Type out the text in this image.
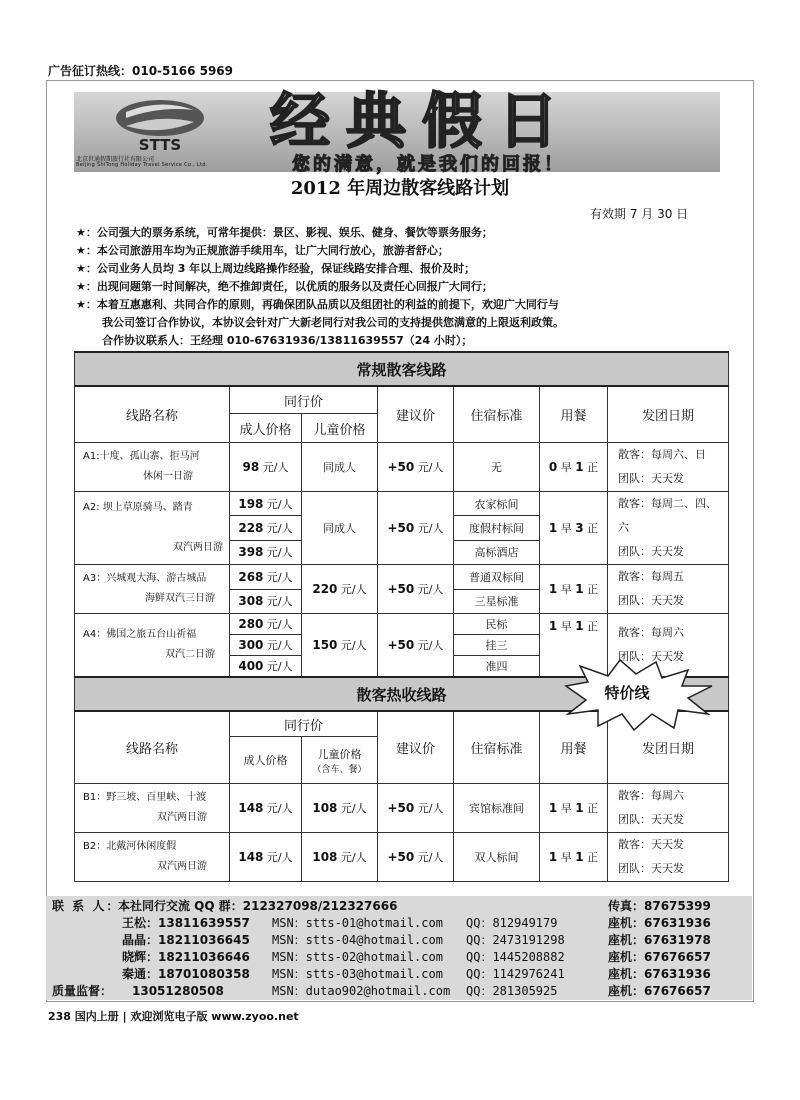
广告征订热线：010-5166 5969
STTS
北京世通假期旅行社有限公司
Beijing ShiTong Holiday Travel Service Co., Ltd.
经典假日
您的满意，就是我们的回报！
2012 年周边散客线路计划
有效期 7 月 30 日
★：公司强大的票务系统，可常年提供：景区、影视、娱乐、健身、餐饮等票务服务；
★：本公司旅游用车均为正规旅游手续用车，让广大同行放心，旅游者舒心；
★：公司业务人员均 3 年以上周边线路操作经验，保证线路安排合理、报价及时；
★：出现问题第一时间解决，绝不推卸责任，以优质的服务以及责任心回报广大同行；
★：本着互惠惠利、共同合作的原则，再确保团队品质以及组团社的利益的前提下，欢迎广大同行与
我公司签订合作协议，本协议会针对广大新老同行对我公司的支持提供您满意的上限返利政策。
合作协议联系人：王经理 010-67631936/13811639557（24 小时）；
常规散客线路						
线路名称	同行价		建议价	住宿标准	用餐	发团日期
	成人价格	儿童价格				
A1:十度、孤山寨、拒马河
休闲一日游	98 元/人	同成人	+50 元/人	无	0 早 1 正	散客：每周六、日
团队：天天发
A2: 坝上草原骑马、踏青

双汽两日游	198 元/人	同成人	+50 元/人	农家标间	1 早 3 正	散客：每周二、四、六
团队：天天发
	228 元/人			度假村标间		
	398 元/人			高标酒店		
A3：兴城观大海、游古城品
海鲜双汽三日游	268 元/人	220 元/人	+50 元/人	普通双标间	1 早 1 正	散客：每周五
团队：天天发
	308 元/人			三星标准		
A4：佛国之旅五台山祈福
双汽二日游	280 元/人	150 元/人	+50 元/人	民标	1 早 1 正	散客：每周六
团队：天天发
	300 元/人			挂三		
	400 元/人			准四		
散客热收线路						
线路名称	同行价		建议价	住宿标准	用餐	发团日期
	成人价格	儿童价格
（含车、餐）				
B1：野三坡、百里峡、十渡
双汽两日游	148 元/人	108 元/人	+50 元/人	宾馆标准间	1 早 1 正	散客：每周六
团队：天天发
B2：北戴河休闲度假
双汽两日游	148 元/人	108 元/人	+50 元/人	双人标间	1 早 1 正	散客：天天发
团队：天天发
特价线
联 系 人：
本社同行交流 QQ 群：212327098/212327666	传真：87675399
王松：13811639557 MSN：stts-01@hotmail.com QQ：812949179	座机：67631936
晶晶：18211036645 MSN：stts-04@hotmail.com QQ：2473191298	座机：67631978
晓辉：18211036646 MSN：stts-02@hotmail.com QQ：1445208882	座机：67676657
秦通：18701080358 MSN：stts-03@hotmail.com QQ：1142976241	座机：67631936
质量监督： 13051280508	MSN：dutao902@hotmail.com QQ：281305925	座机：67676657
238 国内上册 | 欢迎浏览电子版 www.zyoo.net
